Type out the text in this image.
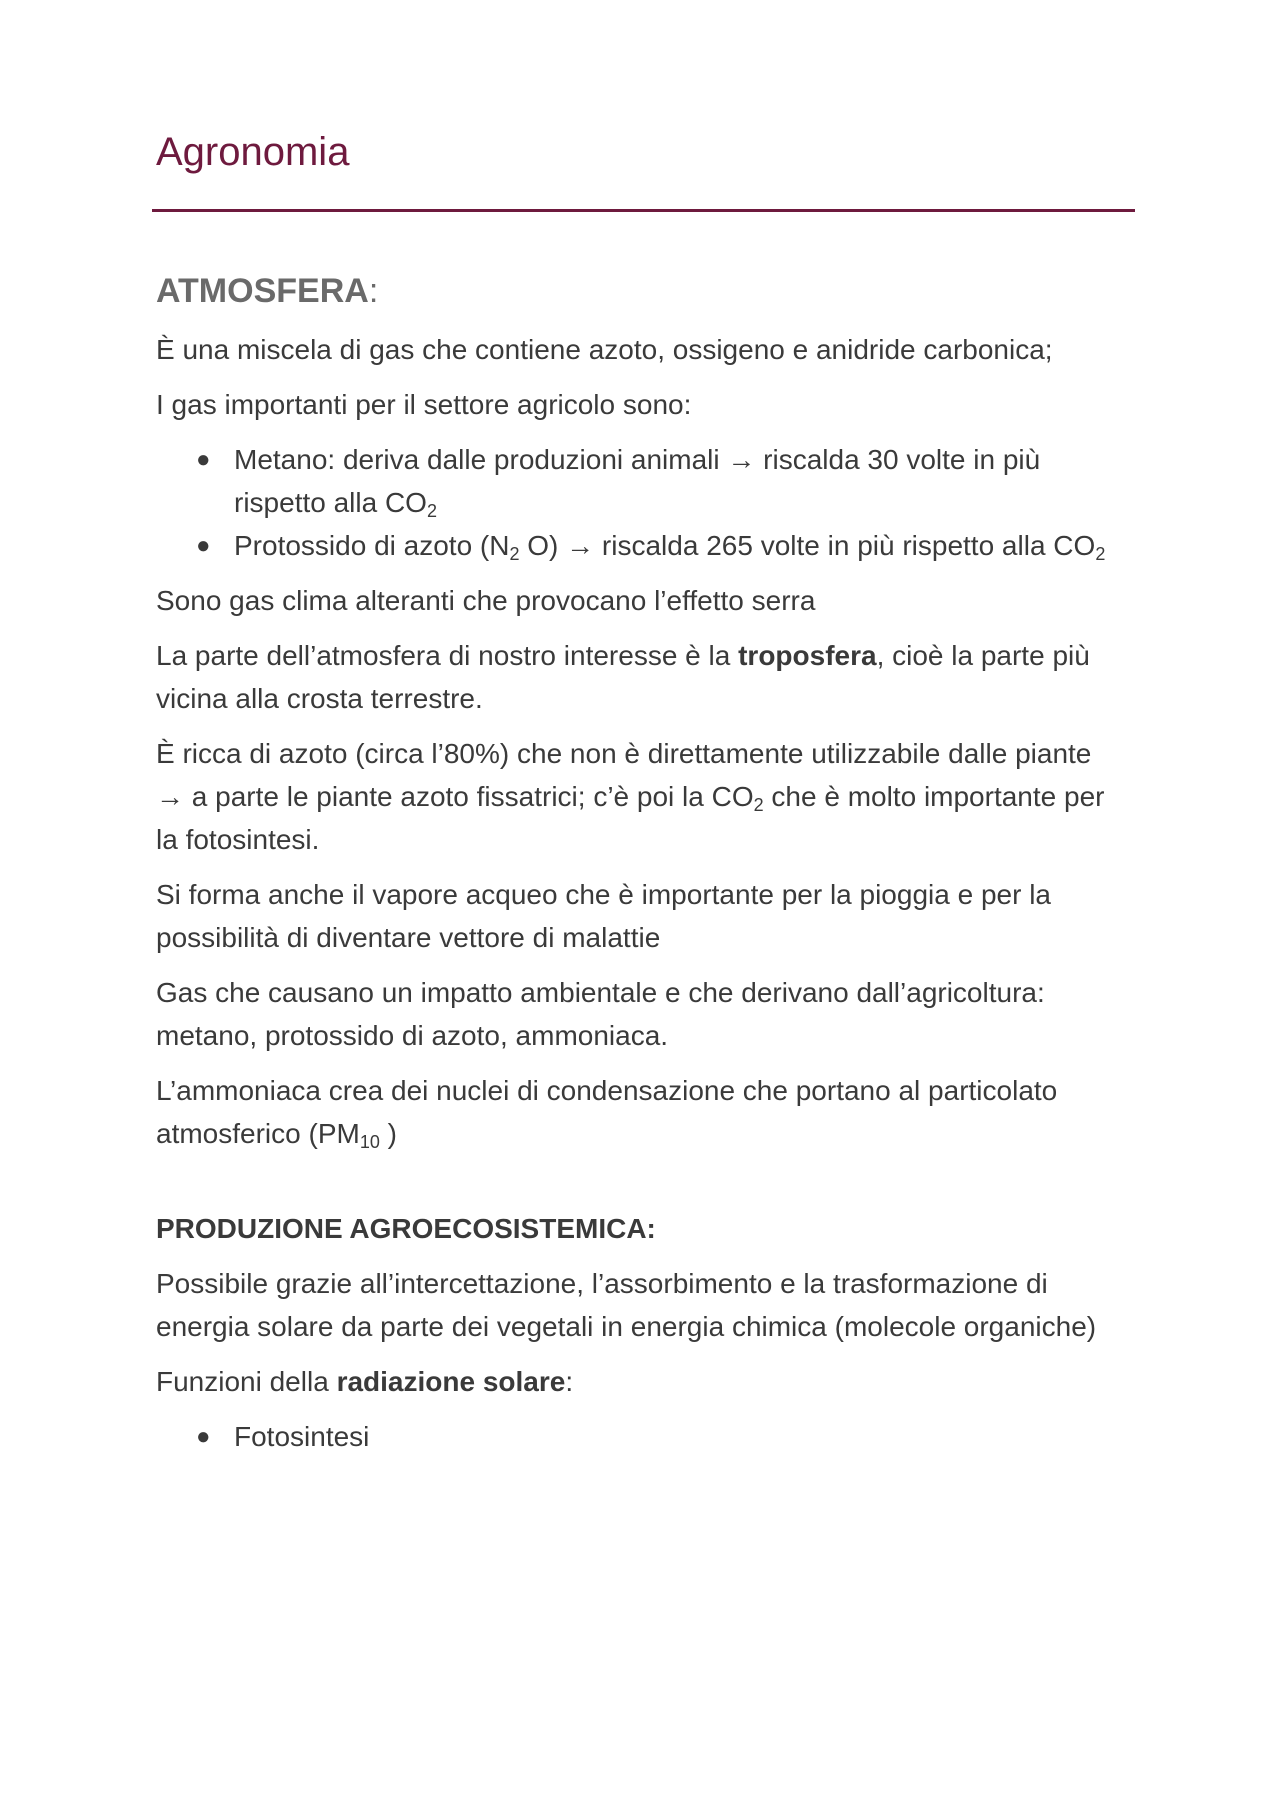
Agronomia
ATMOSFERA:

È una miscela di gas che contiene azoto, ossigeno e anidride carbonica;

I gas importanti per il settore agricolo sono:

● Metano: deriva dalle produzioni animali → riscalda 30 volte in più rispetto alla $CO_2$
● Protossido di azoto ($N_2$ O) → riscalda 265 volte in più rispetto alla $CO_2$

Sono gas clima alteranti che provocano l’effetto serra

La parte dell’atmosfera di nostro interesse è la troposfera, cioè la parte più vicina alla crosta terrestre.

È ricca di azoto (circa l’80%) che non è direttamente utilizzabile dalle piante → a parte le piante azoto fissatrici; c’è poi la $CO_2$ che è molto importante per la fotosintesi.

Si forma anche il vapore acqueo che è importante per la pioggia e per la possibilità di diventare vettore di malattie

Gas che causano un impatto ambientale e che derivano dall’agricoltura: metano, protossido di azoto, ammoniaca.

L’ammoniaca crea dei nuclei di condensazione che portano al particolato atmosferico ($PM_{10}$ )

PRODUZIONE AGROECOSISTEMICA:

Possibile grazie all’intercettazione, l’assorbimento e la trasformazione di energia solare da parte dei vegetali in energia chimica (molecole organiche)

Funzioni della radiazione solare:

● Fotosintesi
